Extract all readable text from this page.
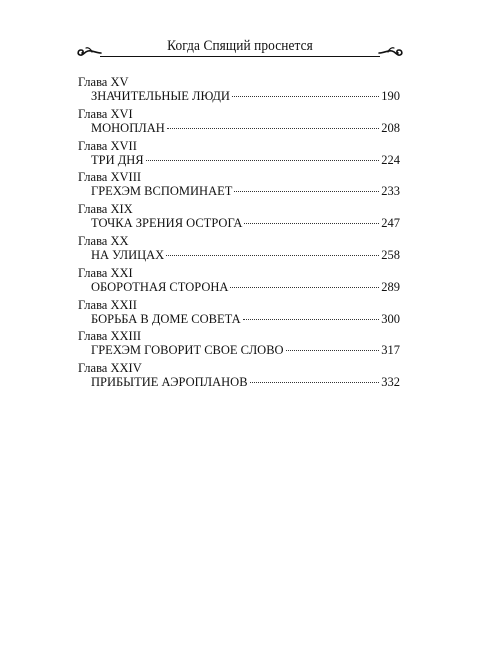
Когда Спящий проснется
Глава XV
ЗНАЧИТЕЛЬНЫЕ ЛЮДИ	190
Глава XVI
МОНОПЛАН	208
Глава XVII
ТРИ ДНЯ	224
Глава XVIII
ГРЕХЭМ ВСПОМИНАЕТ	233
Глава XIX
ТОЧКА ЗРЕНИЯ ОСТРОГА	247
Глава XX
НА УЛИЦАХ	258
Глава XXI
ОБОРОТНАЯ СТОРОНА	289
Глава XXII
БОРЬБА В ДОМЕ СОВЕТА	300
Глава XXIII
ГРЕХЭМ ГОВОРИТ СВОЕ СЛОВО	317
Глава XXIV
ПРИБЫТИЕ АЭРОПЛАНОВ	332
